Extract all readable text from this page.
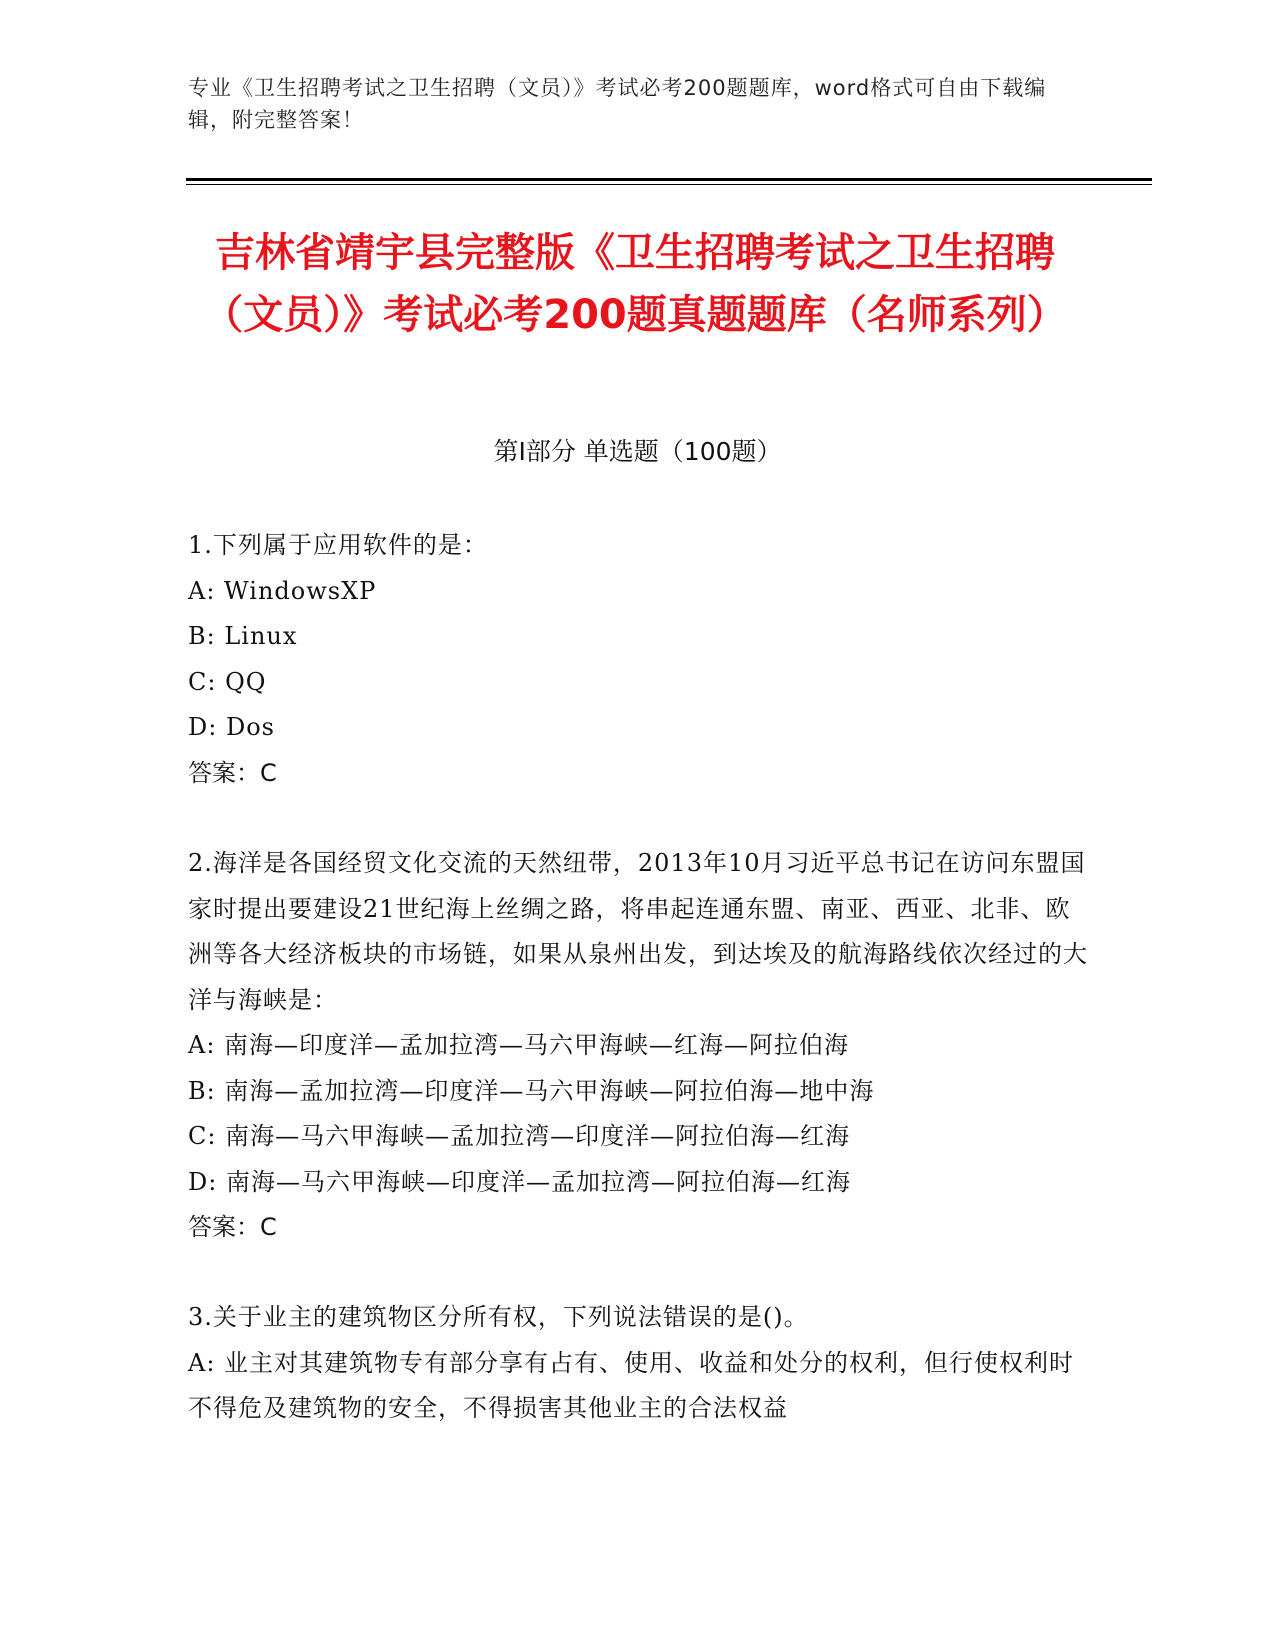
专业《卫生招聘考试之卫生招聘（文员）》考试必考200题题库，word格式可自由下载编辑，附完整答案！
吉林省靖宇县完整版《卫生招聘考试之卫生招聘（文员）》考试必考200题真题题库（名师系列）
第Ⅰ部分 单选题（100题）

1.下列属于应用软件的是：

A: WindowsXP

B: Linux

C: QQ

D: Dos

答案：C

2.海洋是各国经贸文化交流的天然纽带，2013年10月习近平总书记在访问东盟国家时提出要建设21世纪海上丝绸之路，将串起连通东盟、南亚、西亚、北非、欧洲等各大经济板块的市场链，如果从泉州出发，到达埃及的航海路线依次经过的大洋与海峡是：

A: 南海—印度洋—孟加拉湾—马六甲海峡—红海—阿拉伯海

B: 南海—孟加拉湾—印度洋—马六甲海峡—阿拉伯海—地中海

C: 南海—马六甲海峡—孟加拉湾—印度洋—阿拉伯海—红海

D: 南海—马六甲海峡—印度洋—孟加拉湾—阿拉伯海—红海

答案：C

3.关于业主的建筑物区分所有权，下列说法错误的是()。

A: 业主对其建筑物专有部分享有占有、使用、收益和处分的权利，但行使权利时不得危及建筑物的安全，不得损害其他业主的合法权益
